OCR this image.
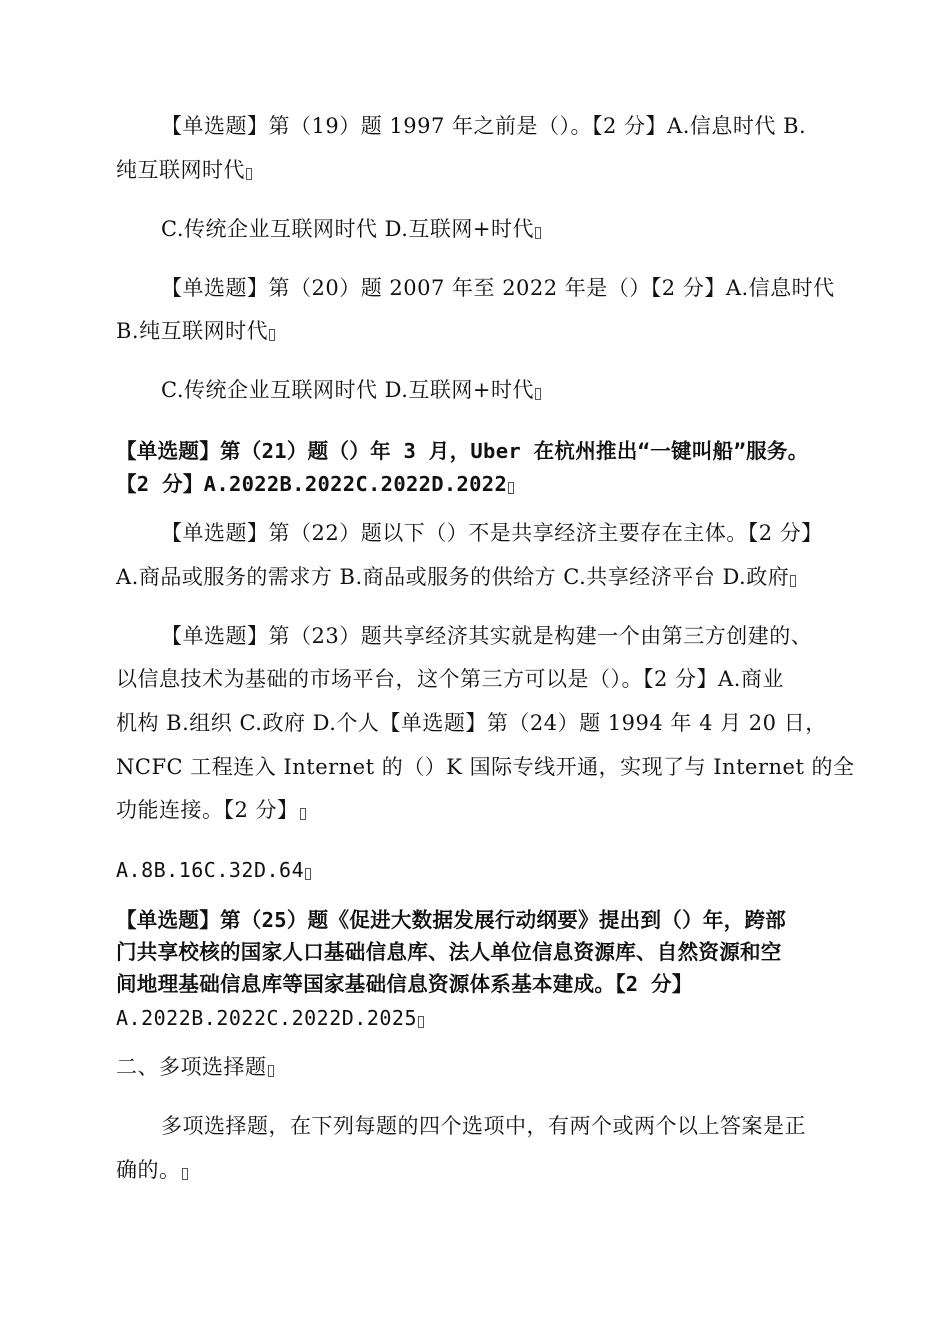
【单选题】第（19）题 1997 年之前是（）。【2 分】A.信息时代 B.
纯互联网时代
C.传统企业互联网时代 D.互联网+时代
【单选题】第（20）题 2007 年至 2022 年是（）【2 分】A.信息时代
B.纯互联网时代
C.传统企业互联网时代 D.互联网+时代
【单选题】第（21）题（）年 3 月，Uber 在杭州推出“一键叫船”服务。
【2 分】A.2022B.2022C.2022D.2022
【单选题】第（22）题以下（）不是共享经济主要存在主体。【2 分】
A.商品或服务的需求方 B.商品或服务的供给方 C.共享经济平台 D.政府
【单选题】第（23）题共享经济其实就是构建一个由第三方创建的、
以信息技术为基础的市场平台，这个第三方可以是（）。【2 分】A.商业
机构 B.组织 C.政府 D.个人【单选题】第（24）题 1994 年 4 月 20 日，
NCFC 工程连入 Internet 的（）K 国际专线开通，实现了与 Internet 的全
功能连接。【2 分】
A.8B.16C.32D.64
【单选题】第（25）题《促进大数据发展行动纲要》提出到（）年，跨部
门共享校核的国家人口基础信息库、法人单位信息资源库、自然资源和空
间地理基础信息库等国家基础信息资源体系基本建成。【2 分】
A.2022B.2022C.2022D.2025
二、多项选择题
多项选择题，在下列每题的四个选项中，有两个或两个以上答案是正
确的。
